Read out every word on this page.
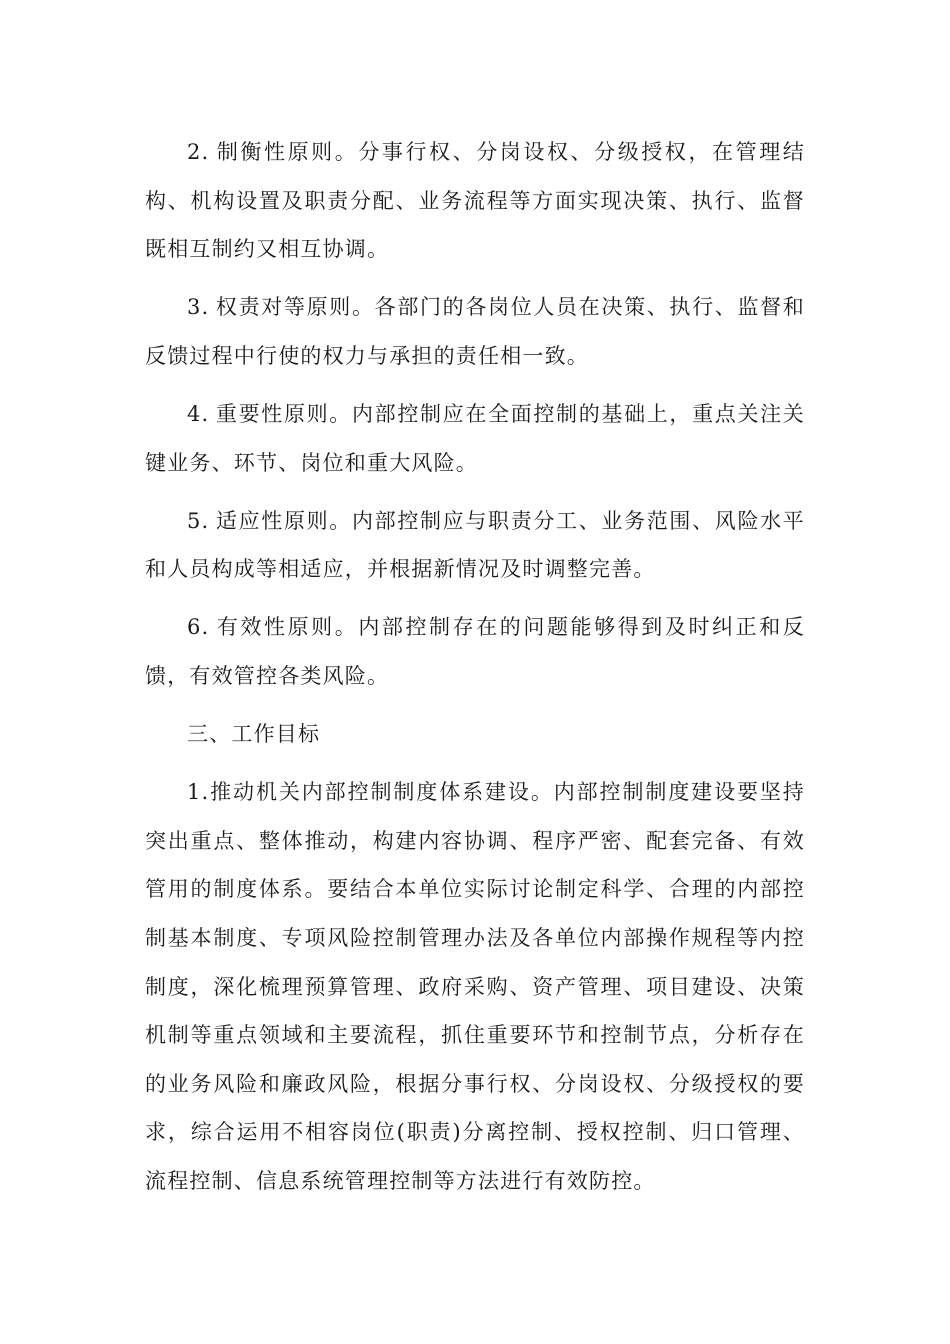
2. 制衡性原则。分事行权、分岗设权、分级授权，在管理结构、机构设置及职责分配、业务流程等方面实现决策、执行、监督既相互制约又相互协调。

3. 权责对等原则。各部门的各岗位人员在决策、执行、监督和反馈过程中行使的权力与承担的责任相一致。

4. 重要性原则。内部控制应在全面控制的基础上，重点关注关键业务、环节、岗位和重大风险。

5. 适应性原则。内部控制应与职责分工、业务范围、风险水平和人员构成等相适应，并根据新情况及时调整完善。

6. 有效性原则。内部控制存在的问题能够得到及时纠正和反馈，有效管控各类风险。

三、工作目标

1.推动机关内部控制制度体系建设。内部控制制度建设要坚持突出重点、整体推动，构建内容协调、程序严密、配套完备、有效管用的制度体系。要结合本单位实际讨论制定科学、合理的内部控制基本制度、专项风险控制管理办法及各单位内部操作规程等内控制度，深化梳理预算管理、政府采购、资产管理、项目建设、决策机制等重点领域和主要流程，抓住重要环节和控制节点，分析存在的业务风险和廉政风险，根据分事行权、分岗设权、分级授权的要求，综合运用不相容岗位(职责)分离控制、授权控制、归口管理、流程控制、信息系统管理控制等方法进行有效防控。
